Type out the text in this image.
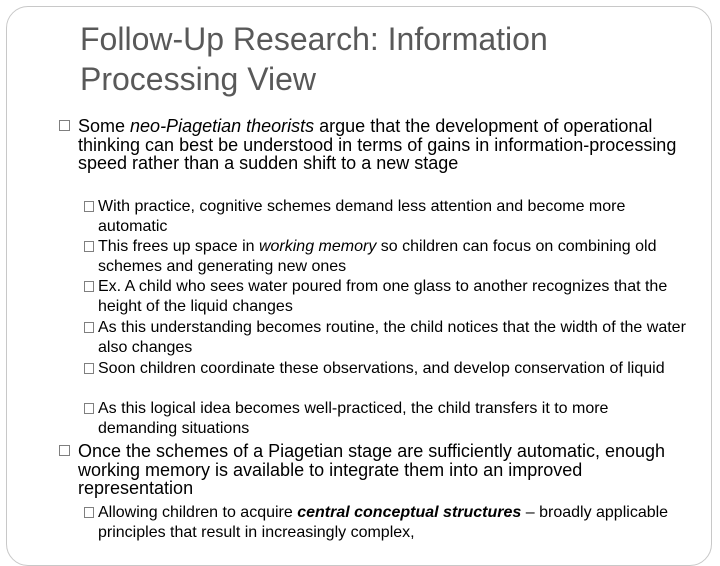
Follow-Up Research: Information Processing View

Some neo-Piagetian theorists argue that the development of operational thinking can best be understood in terms of gains in information-processing speed rather than a sudden shift to a new stage

With practice, cognitive schemes demand less attention and become more automatic

This frees up space in working memory so children can focus on combining old schemes and generating new ones

Ex. A child who sees water poured from one glass to another recognizes that the height of the liquid changes

As this understanding becomes routine, the child notices that the width of the water also changes

Soon children coordinate these observations, and develop conservation of liquid

As this logical idea becomes well-practiced, the child transfers it to more demanding situations

Once the schemes of a Piagetian stage are sufficiently automatic, enough working memory is available to integrate them into an improved representation

Allowing children to acquire central conceptual structures – broadly applicable principles that result in increasingly complex,
